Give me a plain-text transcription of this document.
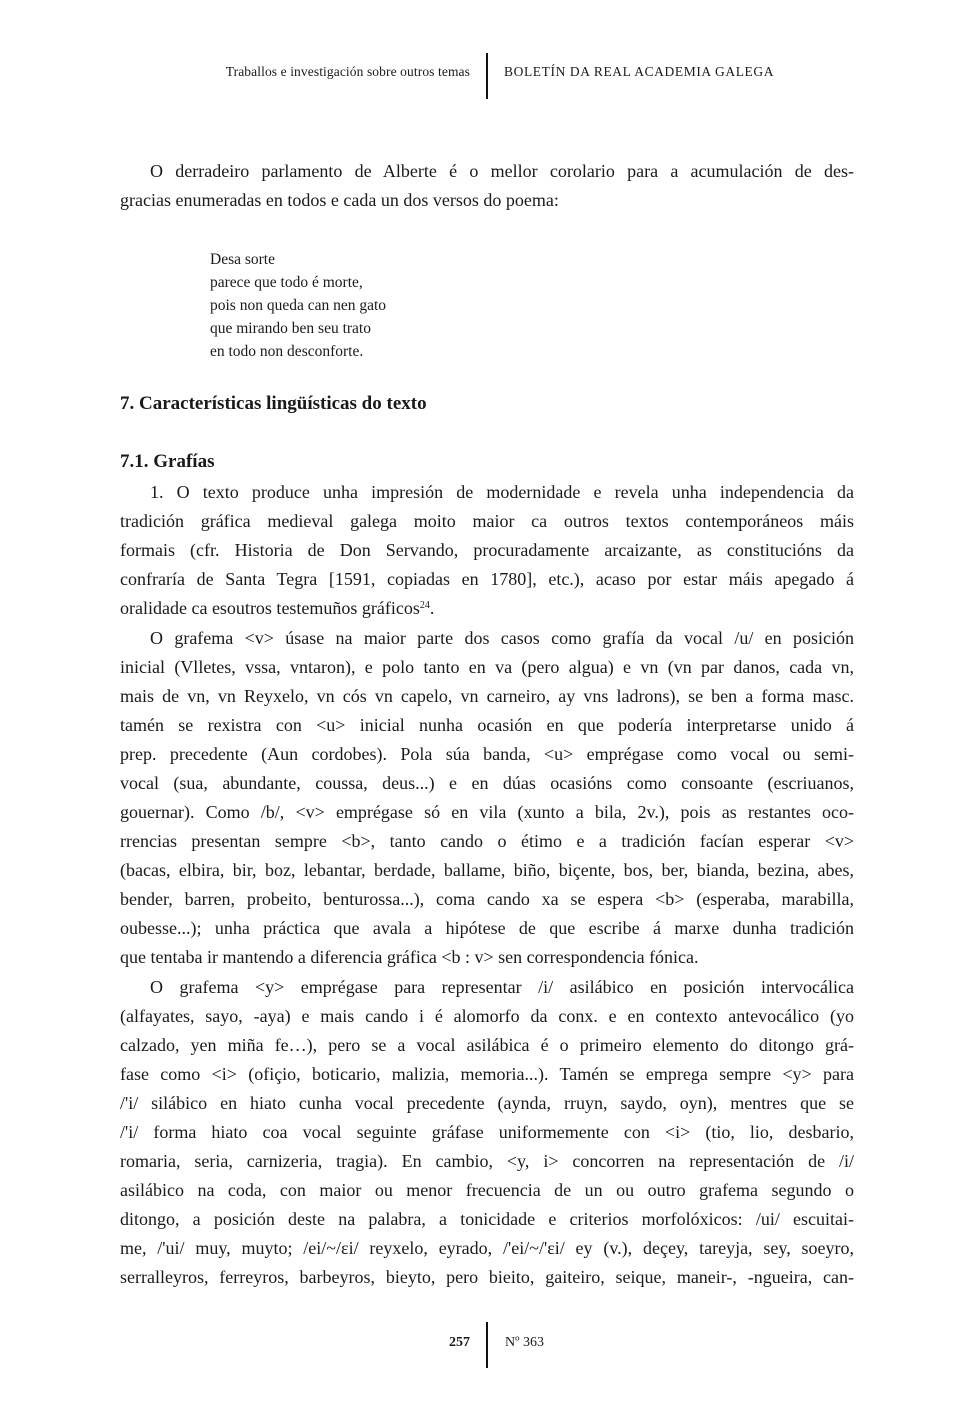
Traballos e investigación sobre outros temas	BOLETÍN DA REAL ACADEMIA GALEGA
O derradeiro parlamento de Alberte é o mellor corolario para a acumulación de des-
gracias enumeradas en todos e cada un dos versos do poema:
Desa sorte
parece que todo é morte,
pois non queda can nen gato
que mirando ben seu trato
en todo non desconforte.
7. Características lingüísticas do texto
7.1. Grafías
1. O texto produce unha impresión de modernidade e revela unha independencia da
tradición gráfica medieval galega moito maior ca outros textos contemporáneos máis
formais (cfr. Historia de Don Servando, procuradamente arcaizante, as constitucións da
confraría de Santa Tegra [1591, copiadas en 1780], etc.), acaso por estar máis apegado á
oralidade ca esoutros testemuños gráficos$^{24}$.
O grafema <v> úsase na maior parte dos casos como grafía da vocal /u/ en posición
inicial (Vlletes, vssa, vntaron), e polo tanto en va (pero algua) e vn (vn par danos, cada vn,
mais de vn, vn Reyxelo, vn cós vn capelo, vn carneiro, ay vns ladrons), se ben a forma masc.
tamén se rexistra con <u> inicial nunha ocasión en que podería interpretarse unido á
prep. precedente (Aun cordobes). Pola súa banda, <u> emprégase como vocal ou semi-
vocal (sua, abundante, coussa, deus...) e en dúas ocasións como consoante (escriuanos,
gouernar). Como /b/, <v> emprégase só en vila (xunto a bila, 2v.), pois as restantes oco-
rrencias presentan sempre <b>, tanto cando o étimo e a tradición facían esperar <v>
(bacas, elbira, bir, boz, lebantar, berdade, ballame, biño, biçente, bos, ber, bianda, bezina, abes,
bender, barren, probeito, benturossa...), coma cando xa se espera <b> (esperaba, marabilla,
oubesse...); unha práctica que avala a hipótese de que escribe á marxe dunha tradición
que tentaba ir mantendo a diferencia gráfica <b : v> sen correspondencia fónica.
O grafema <y> emprégase para representar /i/ asilábico en posición intervocálica
(alfayates, sayo, -aya) e mais cando i é alomorfo da conx. e en contexto antevocálico (yo
calzado, yen miña fe…), pero se a vocal asilábica é o primeiro elemento do ditongo grá-
fase como <i> (ofiçio, boticario, malizia, memoria...). Tamén se emprega sempre <y> para
/'i/ silábico en hiato cunha vocal precedente (aynda, rruyn, saydo, oyn), mentres que se
/'i/ forma hiato coa vocal seguinte gráfase uniformemente con <i> (tio, lio, desbario,
romaria, seria, carnizeria, tragia). En cambio, <y, i> concorren na representación de /i/
asilábico na coda, con maior ou menor frecuencia de un ou outro grafema segundo o
ditongo, a posición deste na palabra, a tonicidade e criterios morfolóxicos: /ui/ escuitai-
me, /'ui/ muy, muyto; /ei/~/εi/ reyxelo, eyrado, /'ei/~/'εi/ ey (v.), deçey, tareyja, sey, soeyro,
serralleyros, ferreyros, barbeyros, bieyto, pero bieito, gaiteiro, seique, maneir-, -ngueira, can-
257	Nº 363
